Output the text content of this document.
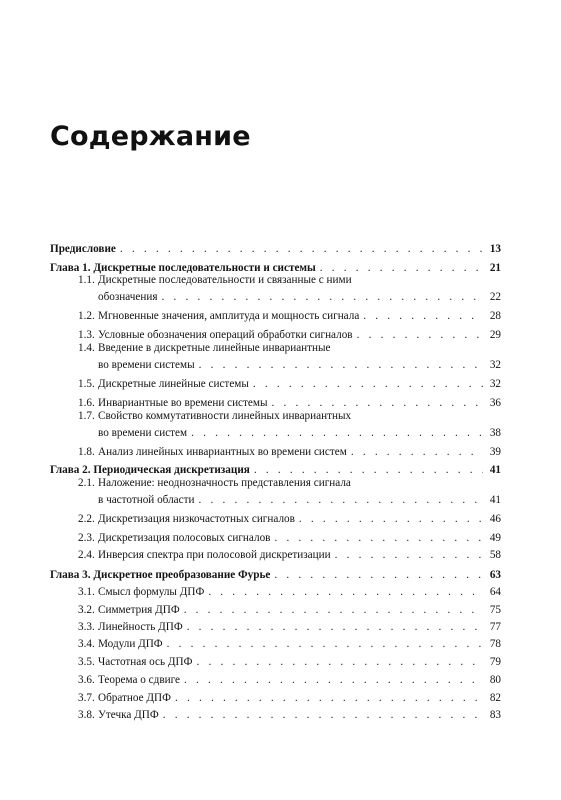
Содержание
Предисловие . . .	13
Глава 1. Дискретные последовательности и системы . . .	21
1.1. Дискретные последовательности и связанные с ними
обозначения . . .	22
1.2. Мгновенные значения, амплитуда и мощность сигнала . . .	28
1.3. Условные обозначения операций обработки сигналов . . .	29
1.4. Введение в дискретные линейные инвариантные
во времени системы . . .	32
1.5. Дискретные линейные системы . . .	32
1.6. Инвариантные во времени системы . . .	36
1.7. Свойство коммутативности линейных инвариантных
во времени систем . . .	38
1.8. Анализ линейных инвариантных во времени систем . . .	39
Глава 2. Периодическая дискретизация . . .	41
2.1. Наложение: неоднозначность представления сигнала
в частотной области . . .	41
2.2. Дискретизация низкочастотных сигналов . . .	46
2.3. Дискретизация полосовых сигналов . . .	49
2.4. Инверсия спектра при полосовой дискретизации . . .	58
Глава 3. Дискретное преобразование Фурье . . .	63
3.1. Смысл формулы ДПФ . . .	64
3.2. Симметрия ДПФ . . .	75
3.3. Линейность ДПФ . . .	77
3.4. Модули ДПФ . . .	78
3.5. Частотная ось ДПФ . . .	79
3.6. Теорема о сдвиге . . .	80
3.7. Обратное ДПФ . . .	82
3.8. Утечка ДПФ . . .	83
